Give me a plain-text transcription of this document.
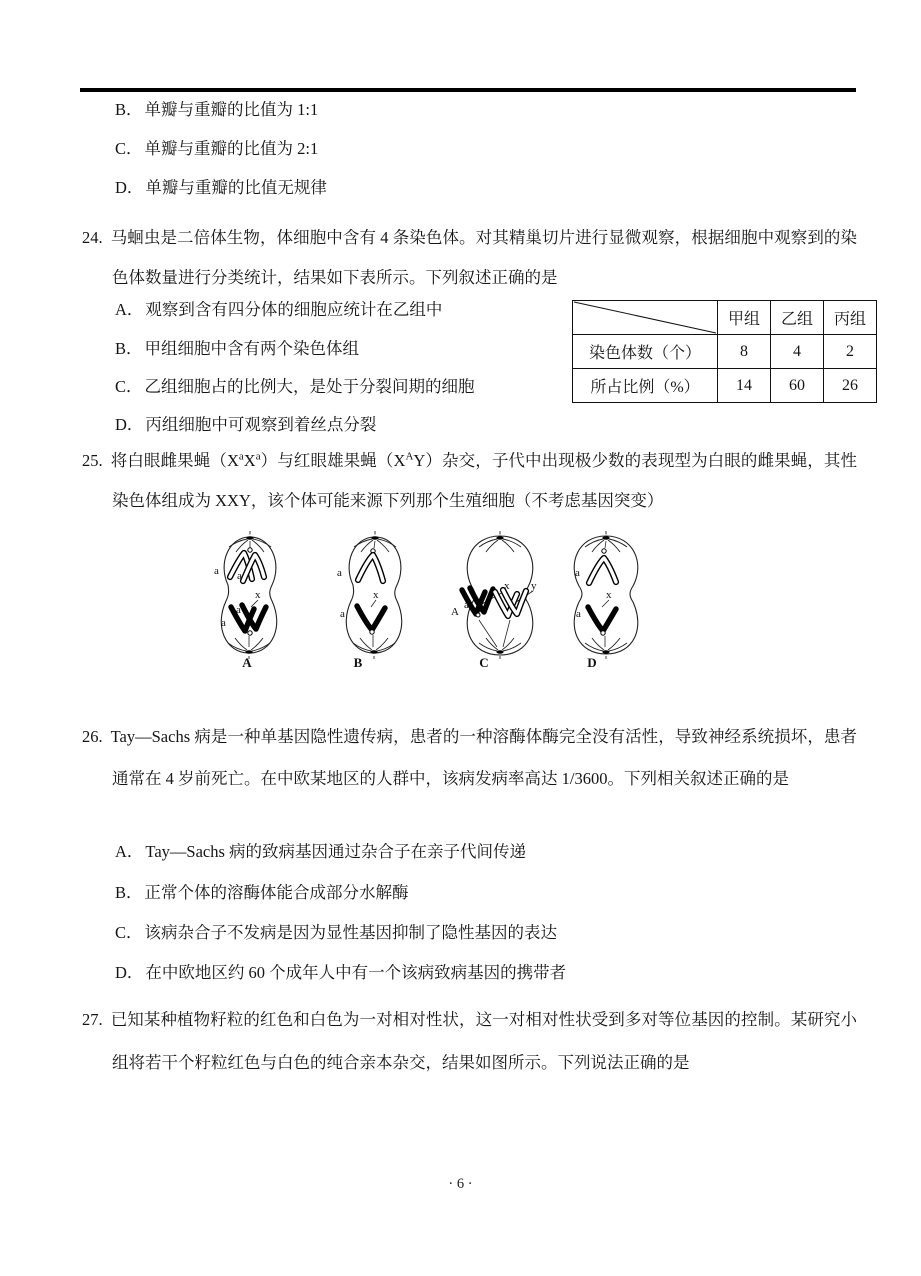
B． 单瓣与重瓣的比值为 1:1
C． 单瓣与重瓣的比值为 2:1
D． 单瓣与重瓣的比值无规律
24. 马蛔虫是二倍体生物，体细胞中含有 4 条染色体。对其精巢切片进行显微观察，根据细胞中观察到的染色体数量进行分类统计，结果如下表所示。下列叙述正确的是
A． 观察到含有四分体的细胞应统计在乙组中
B． 甲组细胞中含有两个染色体组
C． 乙组细胞占的比例大，是处于分裂间期的细胞
D． 丙组细胞中可观察到着丝点分裂
	甲组	乙组	丙组
染色体数（个）	8	4	2
所占比例（%）	14	60	26
25. 将白眼雌果蝇$(X^aX^a)$与红眼雄果蝇$(X^AY)$杂交，子代中出现极少数的表现型为白眼的雌果蝇，其性染色体组成为 XXY，该个体可能来源下列那个生殖细胞（不考虑基因突变）
a a
x
a
a
A
a
x
a
B
x y
A
a
C
a
x
a
D
26. Tay—Sachs 病是一种单基因隐性遗传病，患者的一种溶酶体酶完全没有活性，导致神经系统损坏，患者通常在 4 岁前死亡。在中欧某地区的人群中，该病发病率高达 1/3600。下列相关叙述正确的是
A． Tay—Sachs 病的致病基因通过杂合子在亲子代间传递
B． 正常个体的溶酶体能合成部分水解酶
C． 该病杂合子不发病是因为显性基因抑制了隐性基因的表达
D． 在中欧地区约 60 个成年人中有一个该病致病基因的携带者
27. 已知某种植物籽粒的红色和白色为一对相对性状，这一对相对性状受到多对等位基因的控制。某研究小组将若干个籽粒红色与白色的纯合亲本杂交，结果如图所示。下列说法正确的是
· 6 ·
